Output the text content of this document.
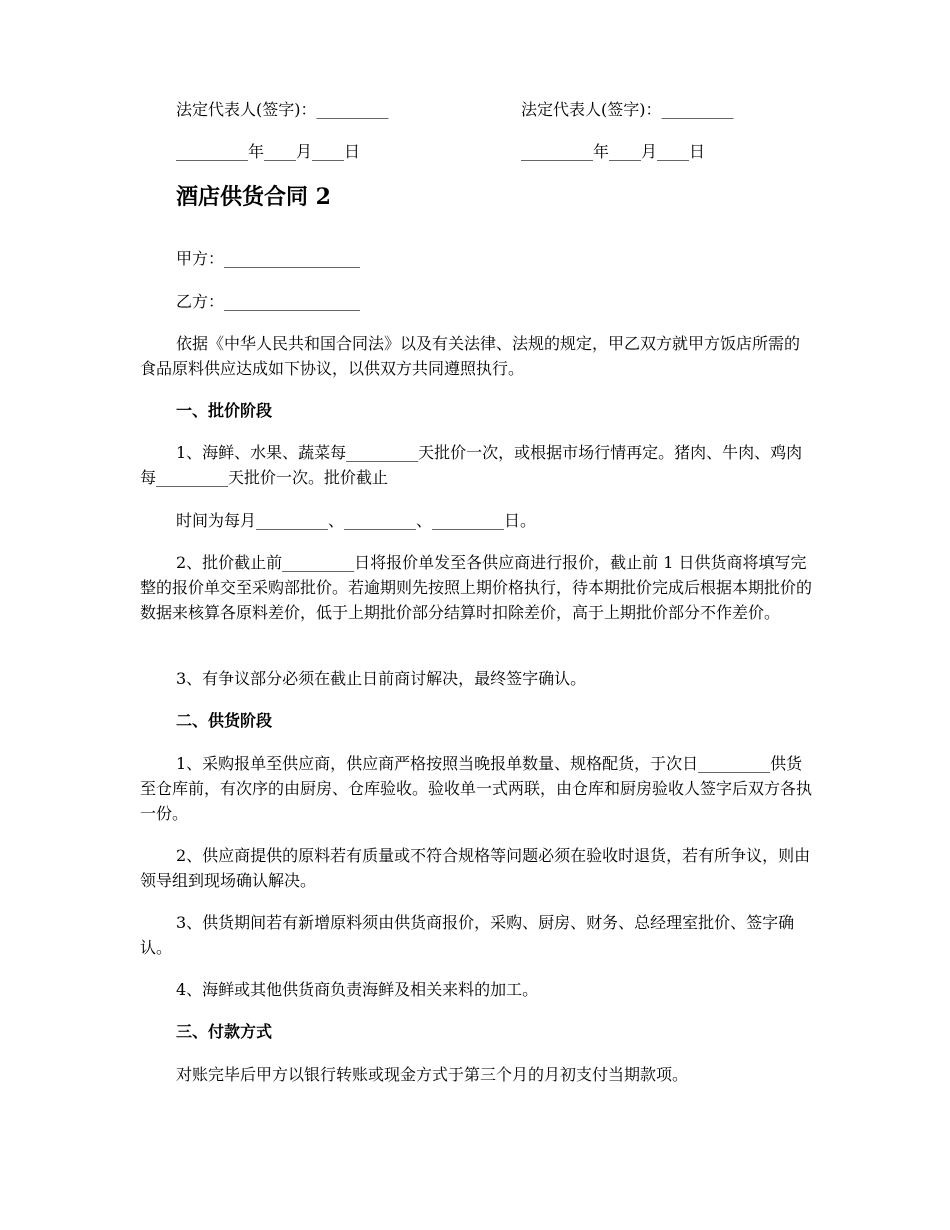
法定代表人(签字)：_________	法定代表人(签字)：_________
_________年____月____日	_________年____月____日
酒店供货合同 2

甲方：_________________

乙方：_________________

依据《中华人民共和国合同法》以及有关法律、法规的规定，甲乙双方就甲方饭店所需的食品原料供应达成如下协议，以供双方共同遵照执行。

一、批价阶段

1、海鲜、水果、蔬菜每_________天批价一次，或根据市场行情再定。猪肉、牛肉、鸡肉每_________天批价一次。批价截止

时间为每月_________、_________、_________日。

2、批价截止前_________日将报价单发至各供应商进行报价，截止前 1 日供货商将填写完整的报价单交至采购部批价。若逾期则先按照上期价格执行，待本期批价完成后根据本期批价的数据来核算各原料差价，低于上期批价部分结算时扣除差价，高于上期批价部分不作差价。

3、有争议部分必须在截止日前商讨解决，最终签字确认。

二、供货阶段

1、采购报单至供应商，供应商严格按照当晚报单数量、规格配货，于次日_________供货至仓库前，有次序的由厨房、仓库验收。验收单一式两联，由仓库和厨房验收人签字后双方各执一份。

2、供应商提供的原料若有质量或不符合规格等问题必须在验收时退货，若有所争议，则由领导组到现场确认解决。

3、供货期间若有新增原料须由供货商报价，采购、厨房、财务、总经理室批价、签字确认。

4、海鲜或其他供货商负责海鲜及相关来料的加工。

三、付款方式

对账完毕后甲方以银行转账或现金方式于第三个月的月初支付当期款项。
